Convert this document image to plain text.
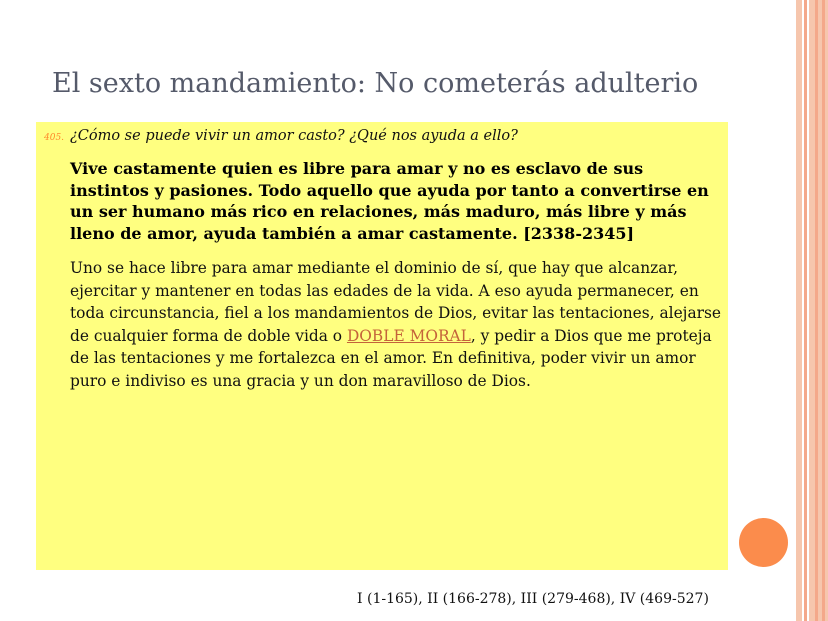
El sexto mandamiento: No cometerás adulterio
405. ¿Cómo se puede vivir un amor casto? ¿Qué nos ayuda a ello?
Vive castamente quien es libre para amar y no es esclavo de sus instintos y pasiones. Todo aquello que ayuda por tanto a convertirse en un ser humano más rico en relaciones, más maduro, más libre y más lleno de amor, ayuda también a amar castamente. [2338-2345]
Uno se hace libre para amar mediante el dominio de sí, que hay que alcanzar, ejercitar y mantener en todas las edades de la vida. A eso ayuda permanecer, en toda circunstancia, fiel a los mandamientos de Dios, evitar las tentaciones, alejarse de cualquier forma de doble vida o DOBLE MORAL, y pedir a Dios que me proteja de las tentaciones y me fortalezca en el amor. En definitiva, poder vivir un amor puro e indiviso es una gracia y un don maravilloso de Dios.
I (1-165), II (166-278), III (279-468), IV (469-527)
